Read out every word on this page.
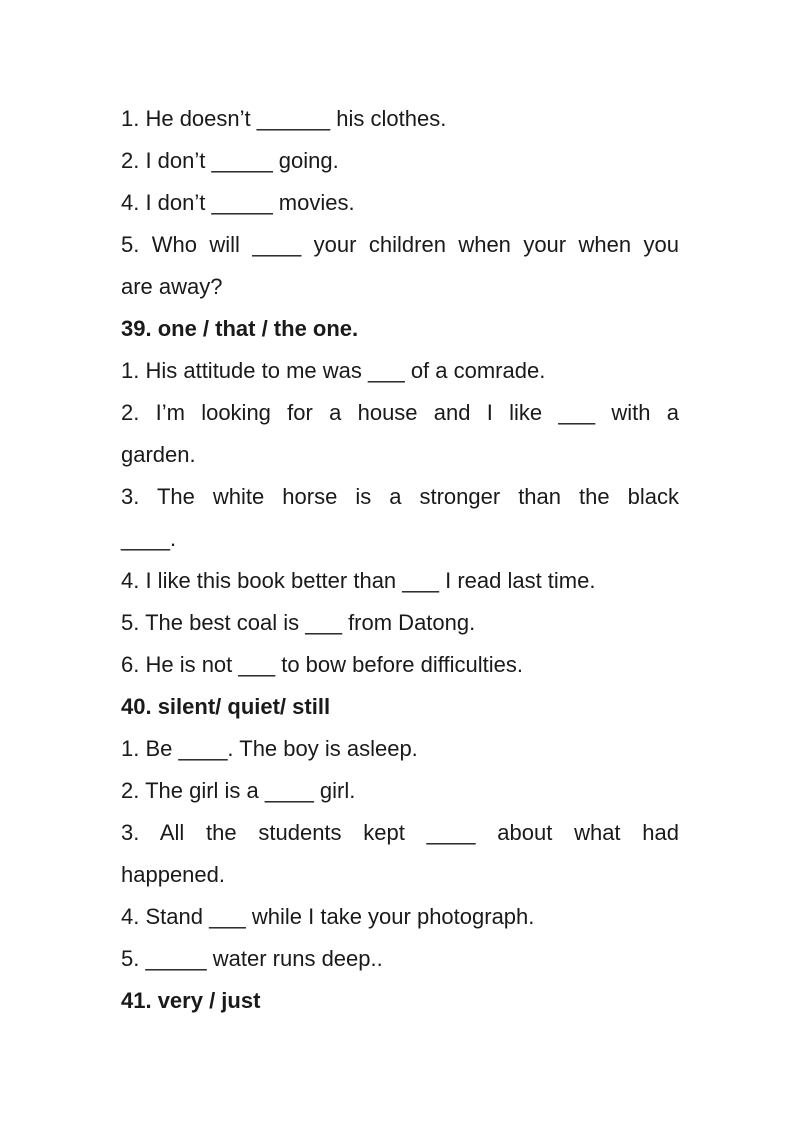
1. He doesn’t ______ his clothes.
2. I don’t _____ going.
4. I don’t _____ movies.
5. Who will ____ your children when your when you
are away?
39. one / that / the one.
1. His attitude to me was ___ of a comrade.
2. I’m looking for a house and I like ___ with a
garden.
3. The white horse is a stronger than the black
____.
4. I like this book better than ___ I read last time.
5. The best coal is ___ from Datong.
6. He is not ___ to bow before difficulties.
40. silent/ quiet/ still
1. Be ____. The boy is asleep.
2. The girl is a ____ girl.
3. All the students kept ____ about what had
happened.
4. Stand ___ while I take your photograph.
5. _____ water runs deep..
41. very / just
